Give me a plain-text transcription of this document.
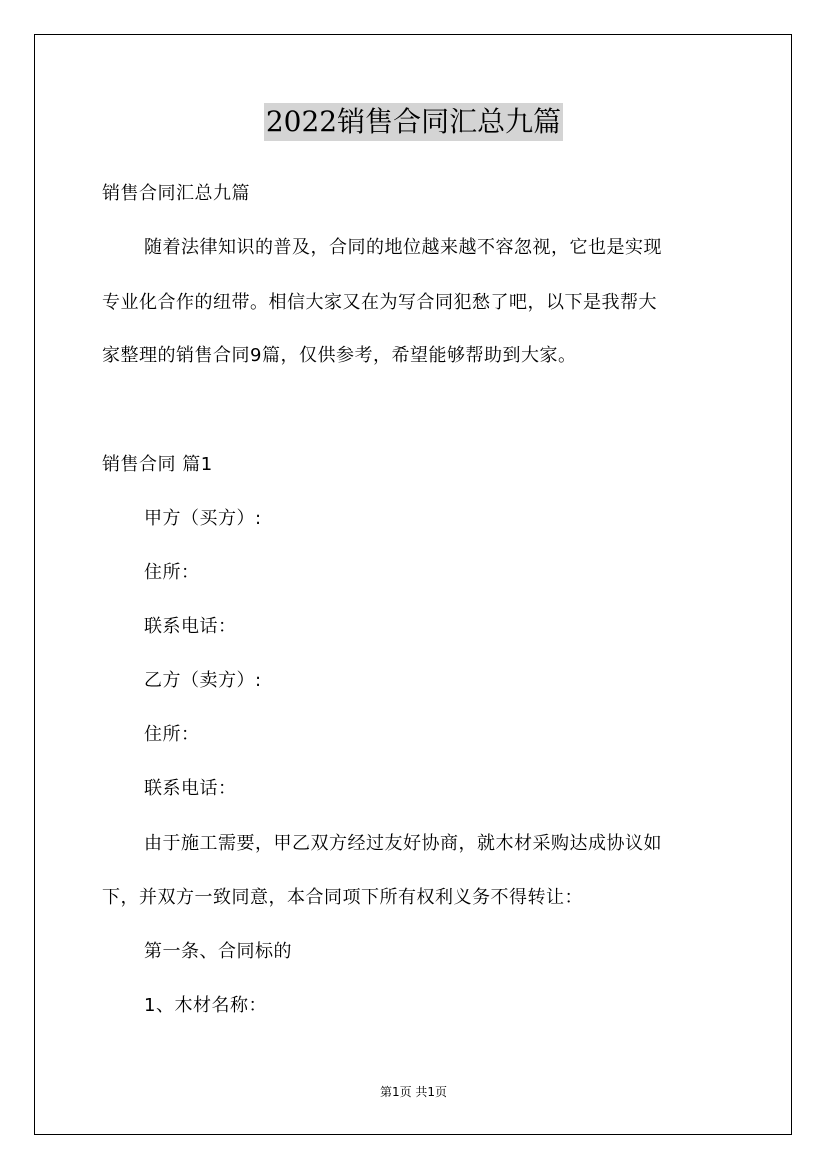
2022销售合同汇总九篇
销售合同汇总九篇
随着法律知识的普及，合同的地位越来越不容忽视，它也是实现
专业化合作的纽带。相信大家又在为写合同犯愁了吧，以下是我帮大
家整理的销售合同9篇，仅供参考，希望能够帮助到大家。
销售合同 篇1
甲方（买方）:
住所：
联系电话：
乙方（卖方）:
住所：
联系电话：
由于施工需要，甲乙双方经过友好协商，就木材采购达成协议如
下，并双方一致同意，本合同项下所有权利义务不得转让：
第一条、合同标的
1、木材名称：
第1页 共1页
